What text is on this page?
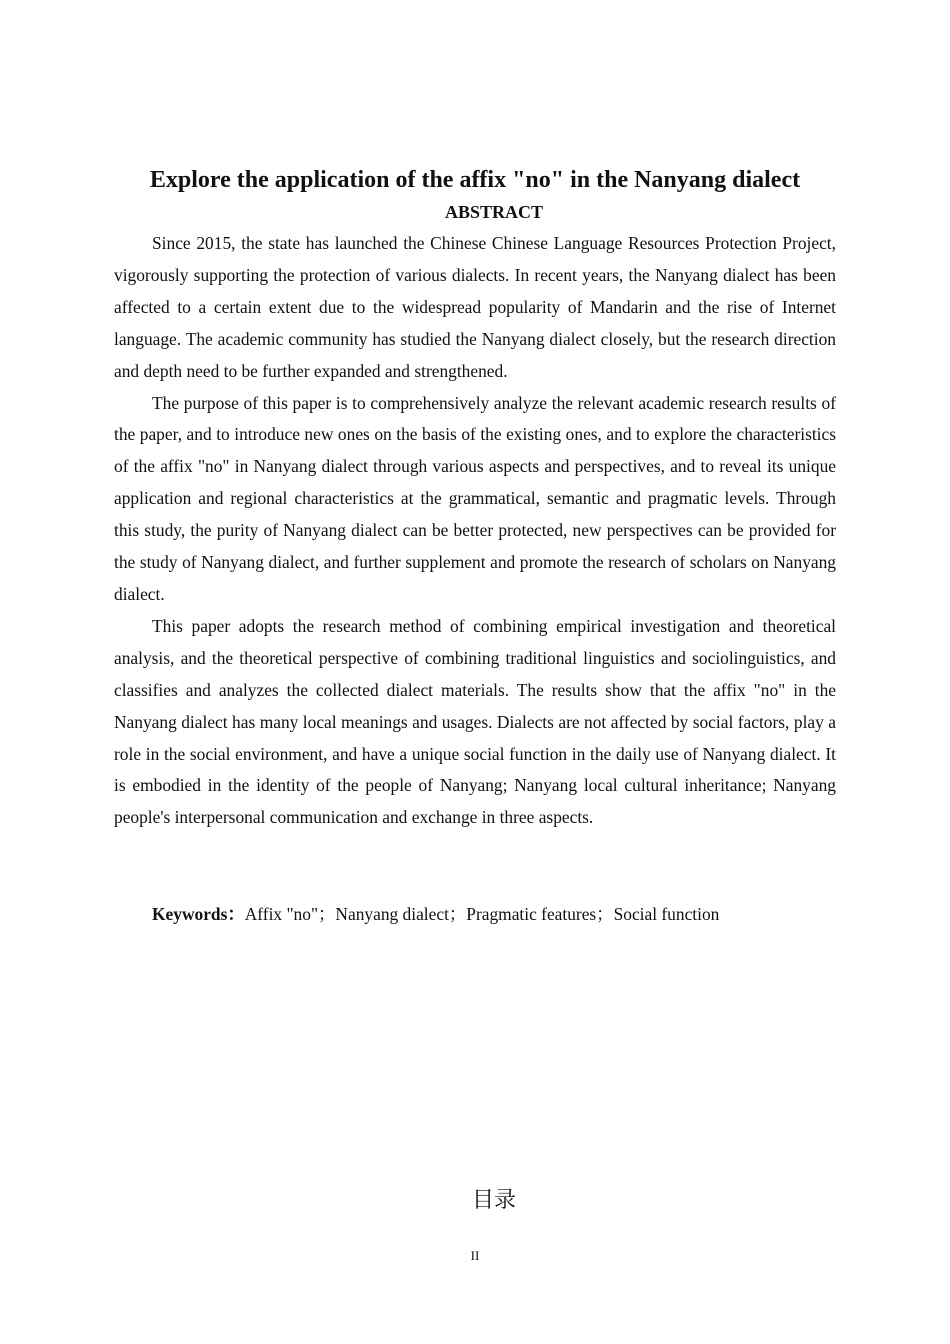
Explore the application of the affix "no" in the Nanyang dialect
ABSTRACT

Since 2015, the state has launched the Chinese Chinese Language Resources Protection Project, vigorously supporting the protection of various dialects. In recent years, the Nanyang dialect has been affected to a certain extent due to the widespread popularity of Mandarin and the rise of Internet language. The academic community has studied the Nanyang dialect closely, but the research direction and depth need to be further expanded and strengthened.

The purpose of this paper is to comprehensively analyze the relevant academic research results of the paper, and to introduce new ones on the basis of the existing ones, and to explore the characteristics of the affix "no" in Nanyang dialect through various aspects and perspectives, and to reveal its unique application and regional characteristics at the grammatical, semantic and pragmatic levels. Through this study, the purity of Nanyang dialect can be better protected, new perspectives can be provided for the study of Nanyang dialect, and further supplement and promote the research of scholars on Nanyang dialect.

This paper adopts the research method of combining empirical investigation and theoretical analysis, and the theoretical perspective of combining traditional linguistics and sociolinguistics, and classifies and analyzes the collected dialect materials. The results show that the affix "no" in the Nanyang dialect has many local meanings and usages. Dialects are not affected by social factors, play a role in the social environment, and have a unique social function in the daily use of Nanyang dialect. It is embodied in the identity of the people of Nanyang; Nanyang local cultural inheritance; Nanyang people's interpersonal communication and exchange in three aspects.

Keywords：Affix "no"；Nanyang dialect；Pragmatic features；Social function
目录
II
